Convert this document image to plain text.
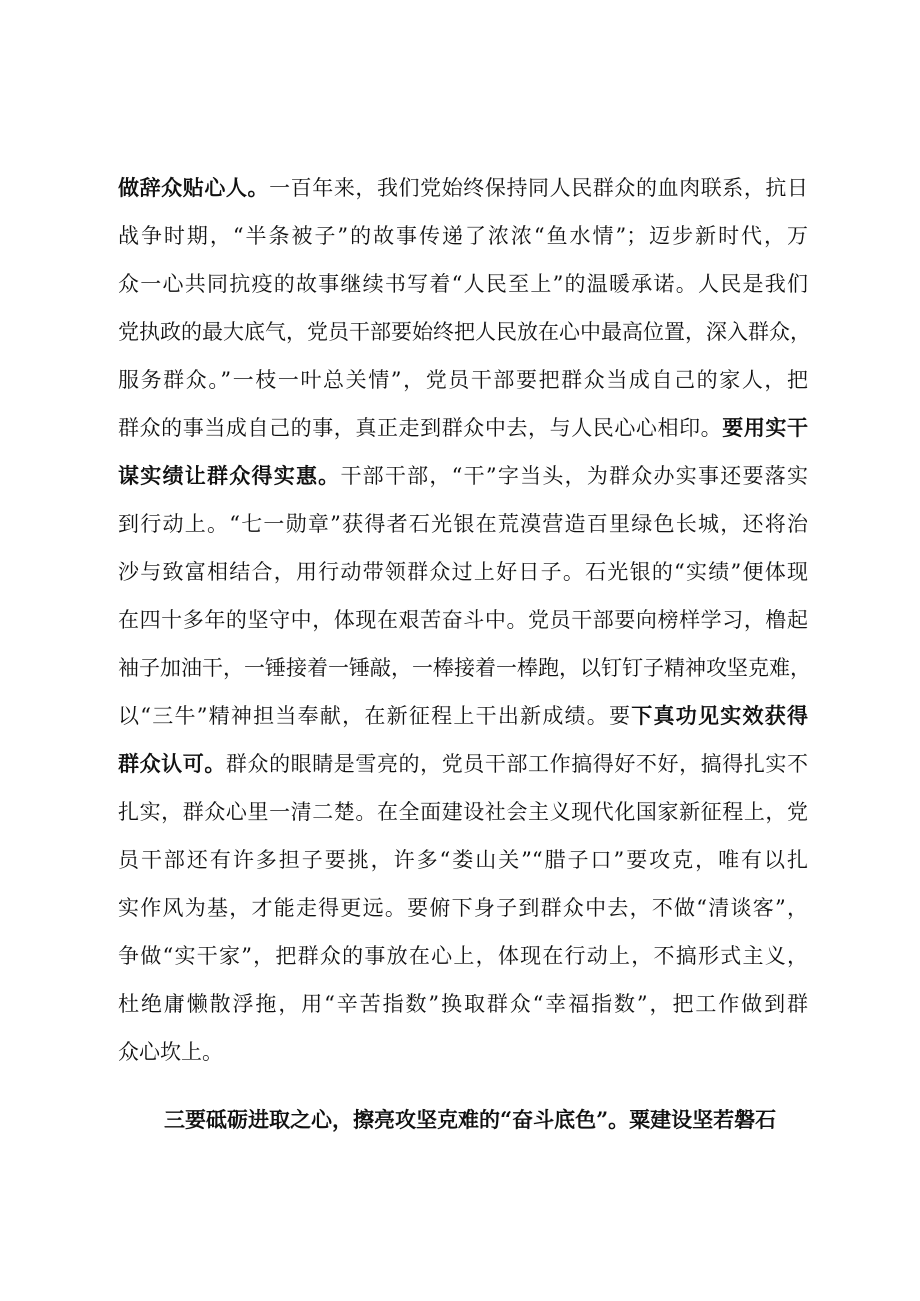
做辞众贴心人。一百年来，我们党始终保持同人民群众的血肉联系，抗日
战争时期，“半条被子”的故事传递了浓浓“鱼水情”；迈步新时代，万
众一心共同抗疫的故事继续书写着“人民至上”的温暖承诺。人民是我们
党执政的最大底气，党员干部要始终把人民放在心中最高位置，深入群众，
服务群众。”一枝一叶总关情”，党员干部要把群众当成自己的家人，把
群众的事当成自己的事，真正走到群众中去，与人民心心相印。要用实干
谋实绩让群众得实惠。干部干部，“干”字当头，为群众办实事还要落实
到行动上。“七一勋章”获得者石光银在荒漠营造百里绿色长城，还将治
沙与致富相结合，用行动带领群众过上好日子。石光银的“实绩”便体现
在四十多年的坚守中，体现在艰苦奋斗中。党员干部要向榜样学习，橹起
袖子加油干，一锤接着一锤敲，一棒接着一棒跑，以钉钉子精神攻坚克难，
以“三牛”精神担当奉献，在新征程上干出新成绩。要下真功见实效获得
群众认可。群众的眼睛是雪亮的，党员干部工作搞得好不好，搞得扎实不
扎实，群众心里一清二楚。在全面建设社会主义现代化国家新征程上，党
员干部还有许多担子要挑，许多“娄山关”“腊子口”要攻克，唯有以扎
实作风为基，才能走得更远。要俯下身子到群众中去，不做“清谈客”，
争做“实干家”，把群众的事放在心上，体现在行动上，不搞形式主义，
杜绝庸懒散浮拖，用“辛苦指数”换取群众“幸福指数”，把工作做到群
众心坎上。
三要砥砺进取之心，擦亮攻坚克难的“奋斗底色”。粟建设坚若磐石
